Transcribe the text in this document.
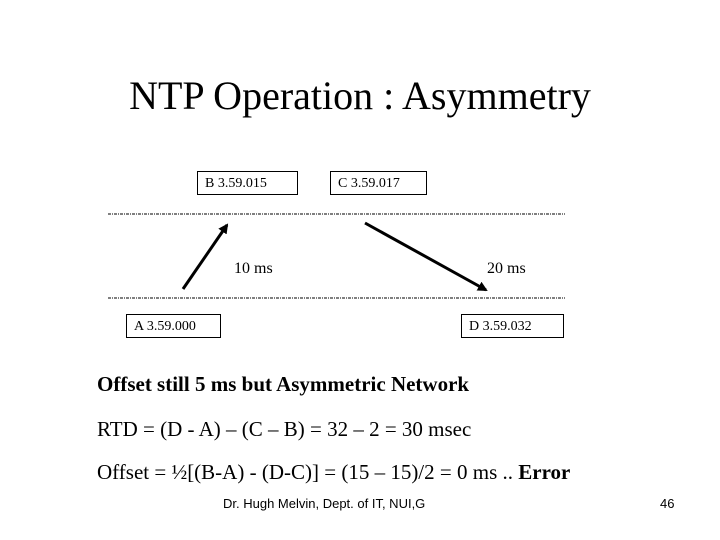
NTP Operation : Asymmetry
B 3.59.015	C 3.59.017
A 3.59.000	D 3.59.032
10 ms	20 ms
Offset still 5 ms but Asymmetric Network
RTD = (D - A) – (C – B) = 32 – 2 = 30 msec
Offset = ½[(B-A) - (D-C)] = (15 – 15)/2 = 0 ms .. Error
Dr. Hugh Melvin, Dept. of IT, NUI,G	46
